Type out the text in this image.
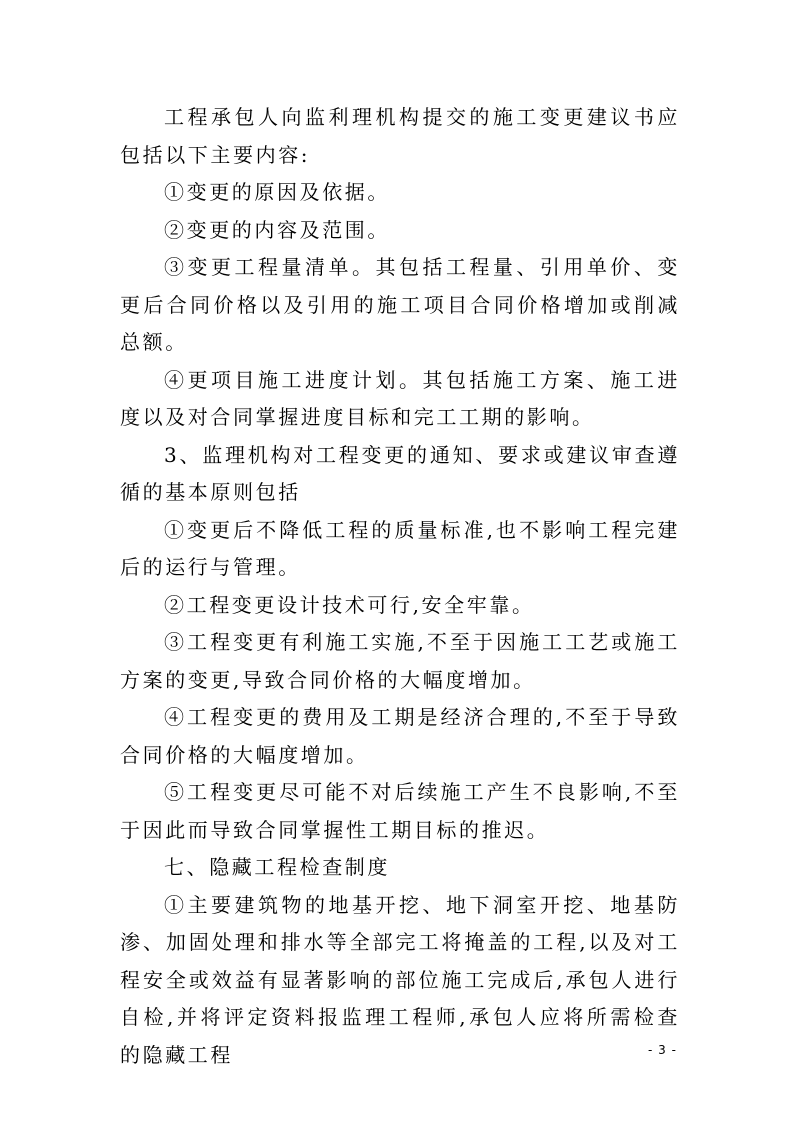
工程承包人向监利理机构提交的施工变更建议书应包括以下主要内容:

①变更的原因及依据。

②变更的内容及范围。

③变更工程量清单。其包括工程量、引用单价、变更后合同价格以及引用的施工项目合同价格增加或削减总额。

④更项目施工进度计划。其包括施工方案、施工进度以及对合同掌握进度目标和完工工期的影响。

3、监理机构对工程变更的通知、要求或建议审查遵循的基本原则包括

①变更后不降低工程的质量标准,也不影响工程完建后的运行与管理。

②工程变更设计技术可行,安全牢靠。

③工程变更有利施工实施,不至于因施工工艺或施工方案的变更,导致合同价格的大幅度增加。

④工程变更的费用及工期是经济合理的,不至于导致合同价格的大幅度增加。

⑤工程变更尽可能不对后续施工产生不良影响,不至于因此而导致合同掌握性工期目标的推迟。

七、隐藏工程检查制度

①主要建筑物的地基开挖、地下洞室开挖、地基防渗、加固处理和排水等全部完工将掩盖的工程,以及对工程安全或效益有显著影响的部位施工完成后,承包人进行自检,并将评定资料报监理工程师,承包人应将所需检查的隐藏工程	- 3 -
